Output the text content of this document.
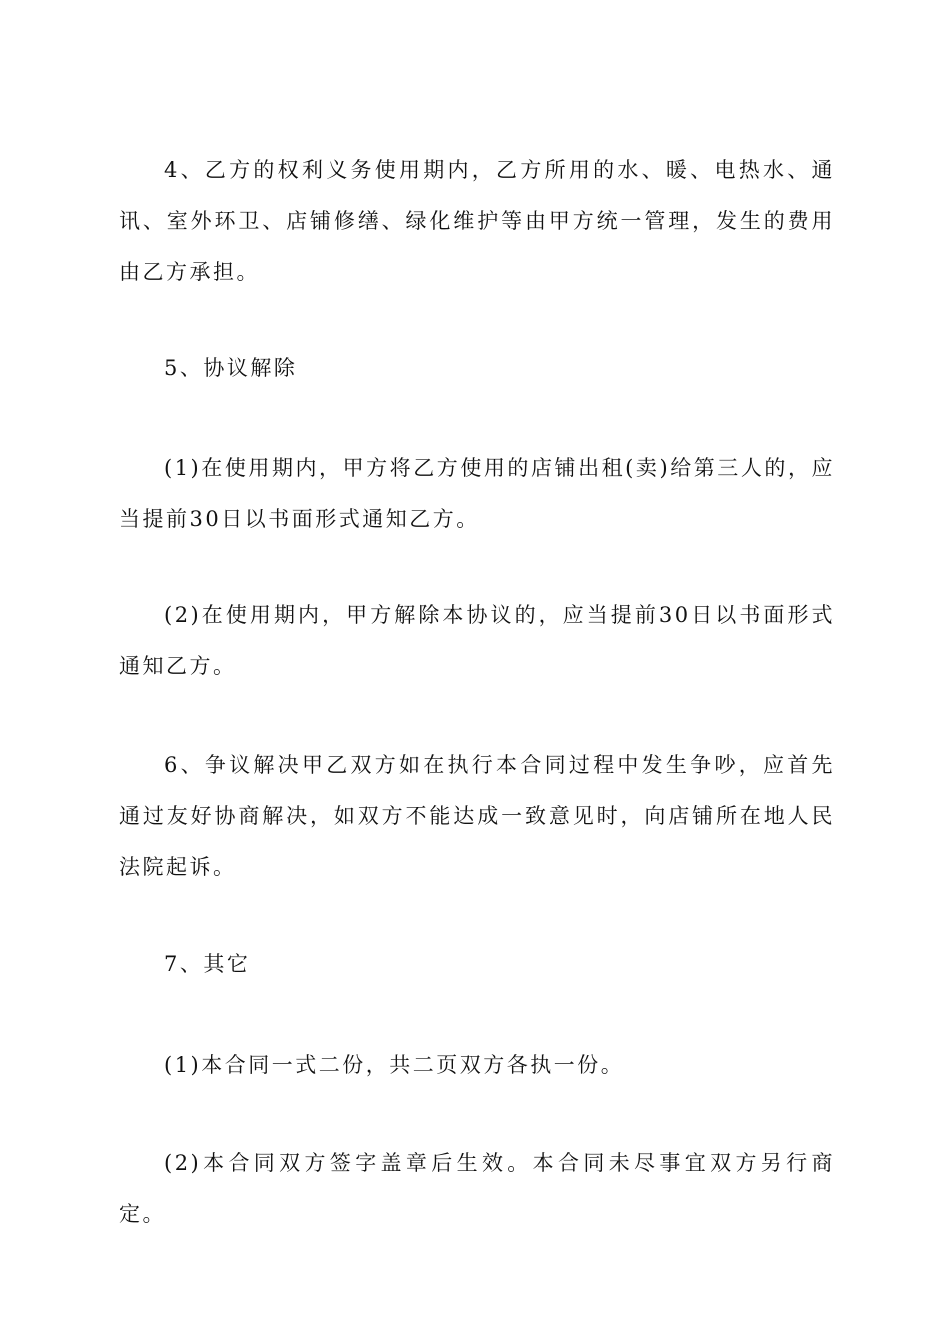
4、乙方的权利义务使用期内，乙方所用的水、暖、电热水、通讯、室外环卫、店铺修缮、绿化维护等由甲方统一管理，发生的费用由乙方承担。

5、协议解除

(1)在使用期内，甲方将乙方使用的店铺出租(卖)给第三人的，应当提前30日以书面形式通知乙方。

(2)在使用期内，甲方解除本协议的，应当提前30日以书面形式通知乙方。

6、争议解决甲乙双方如在执行本合同过程中发生争吵，应首先通过友好协商解决，如双方不能达成一致意见时，向店铺所在地人民法院起诉。

7、其它

(1)本合同一式二份，共二页双方各执一份。

(2)本合同双方签字盖章后生效。本合同未尽事宜双方另行商定。
